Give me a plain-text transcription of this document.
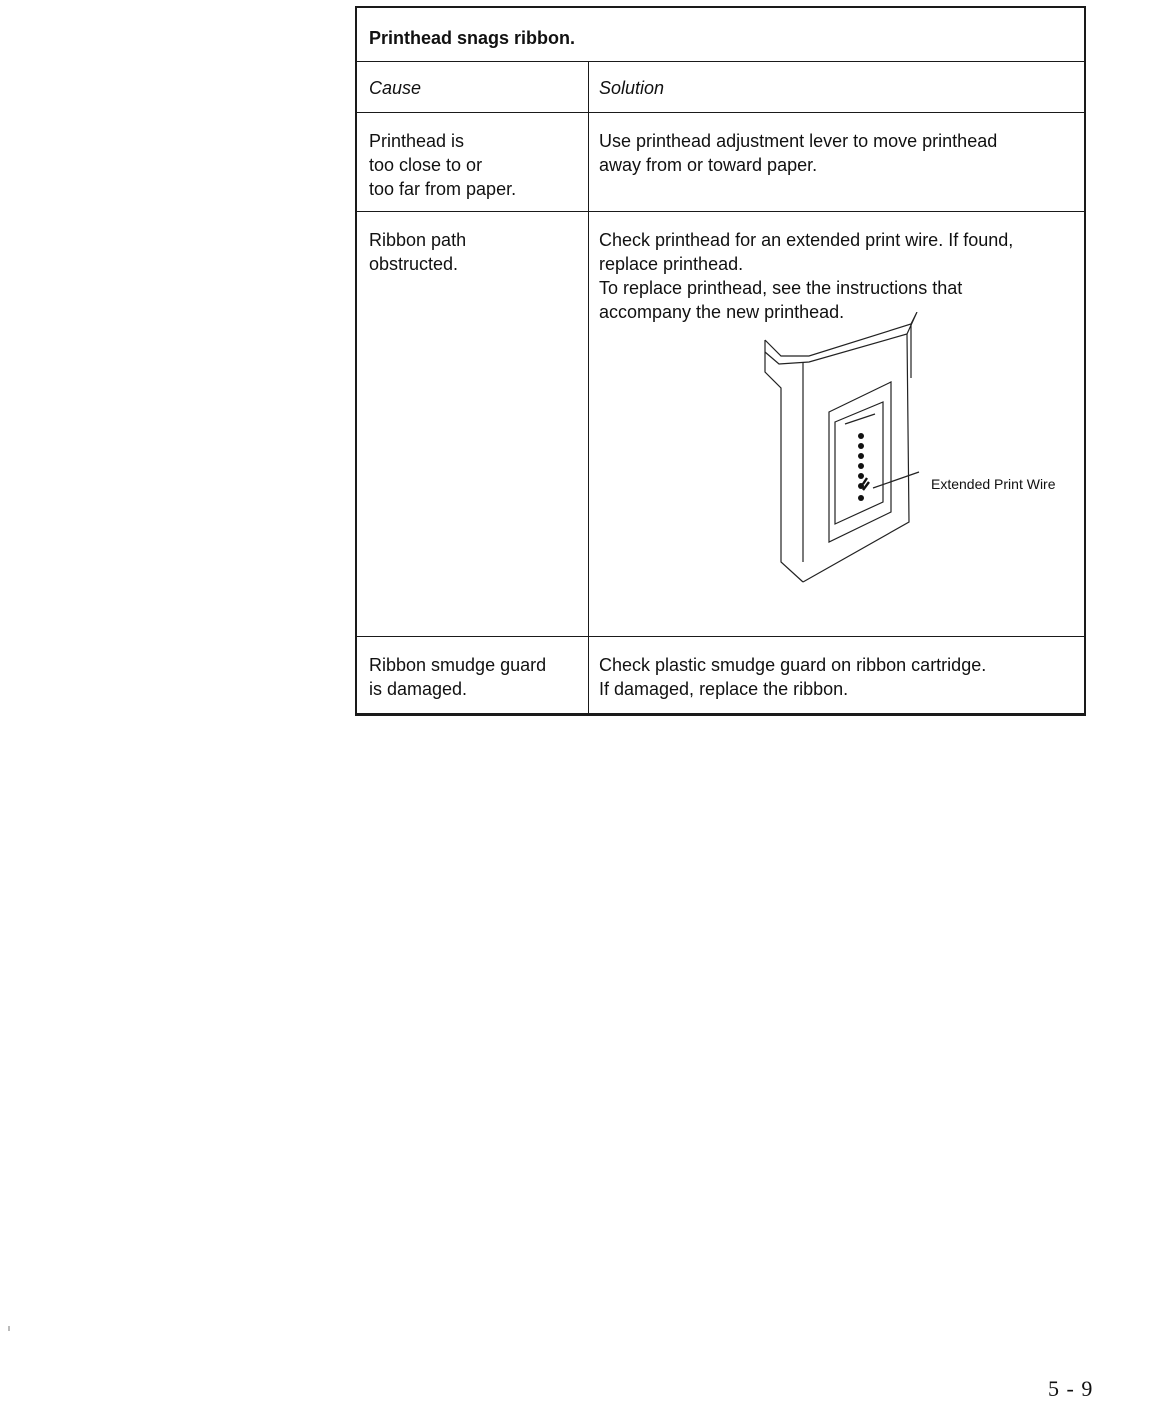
Printhead snags ribbon.
Cause	Solution
Printhead is
too close to or
too far from paper.
Use printhead adjustment lever to move printhead
away from or toward paper.
Ribbon path
obstructed.
Check printhead for an extended print wire. If found,
replace printhead.
To replace printhead, see the instructions that
accompany the new printhead.
Extended Print Wire
Ribbon smudge guard
is damaged.
Check plastic smudge guard on ribbon cartridge.
If damaged, replace the ribbon.
5 - 9
